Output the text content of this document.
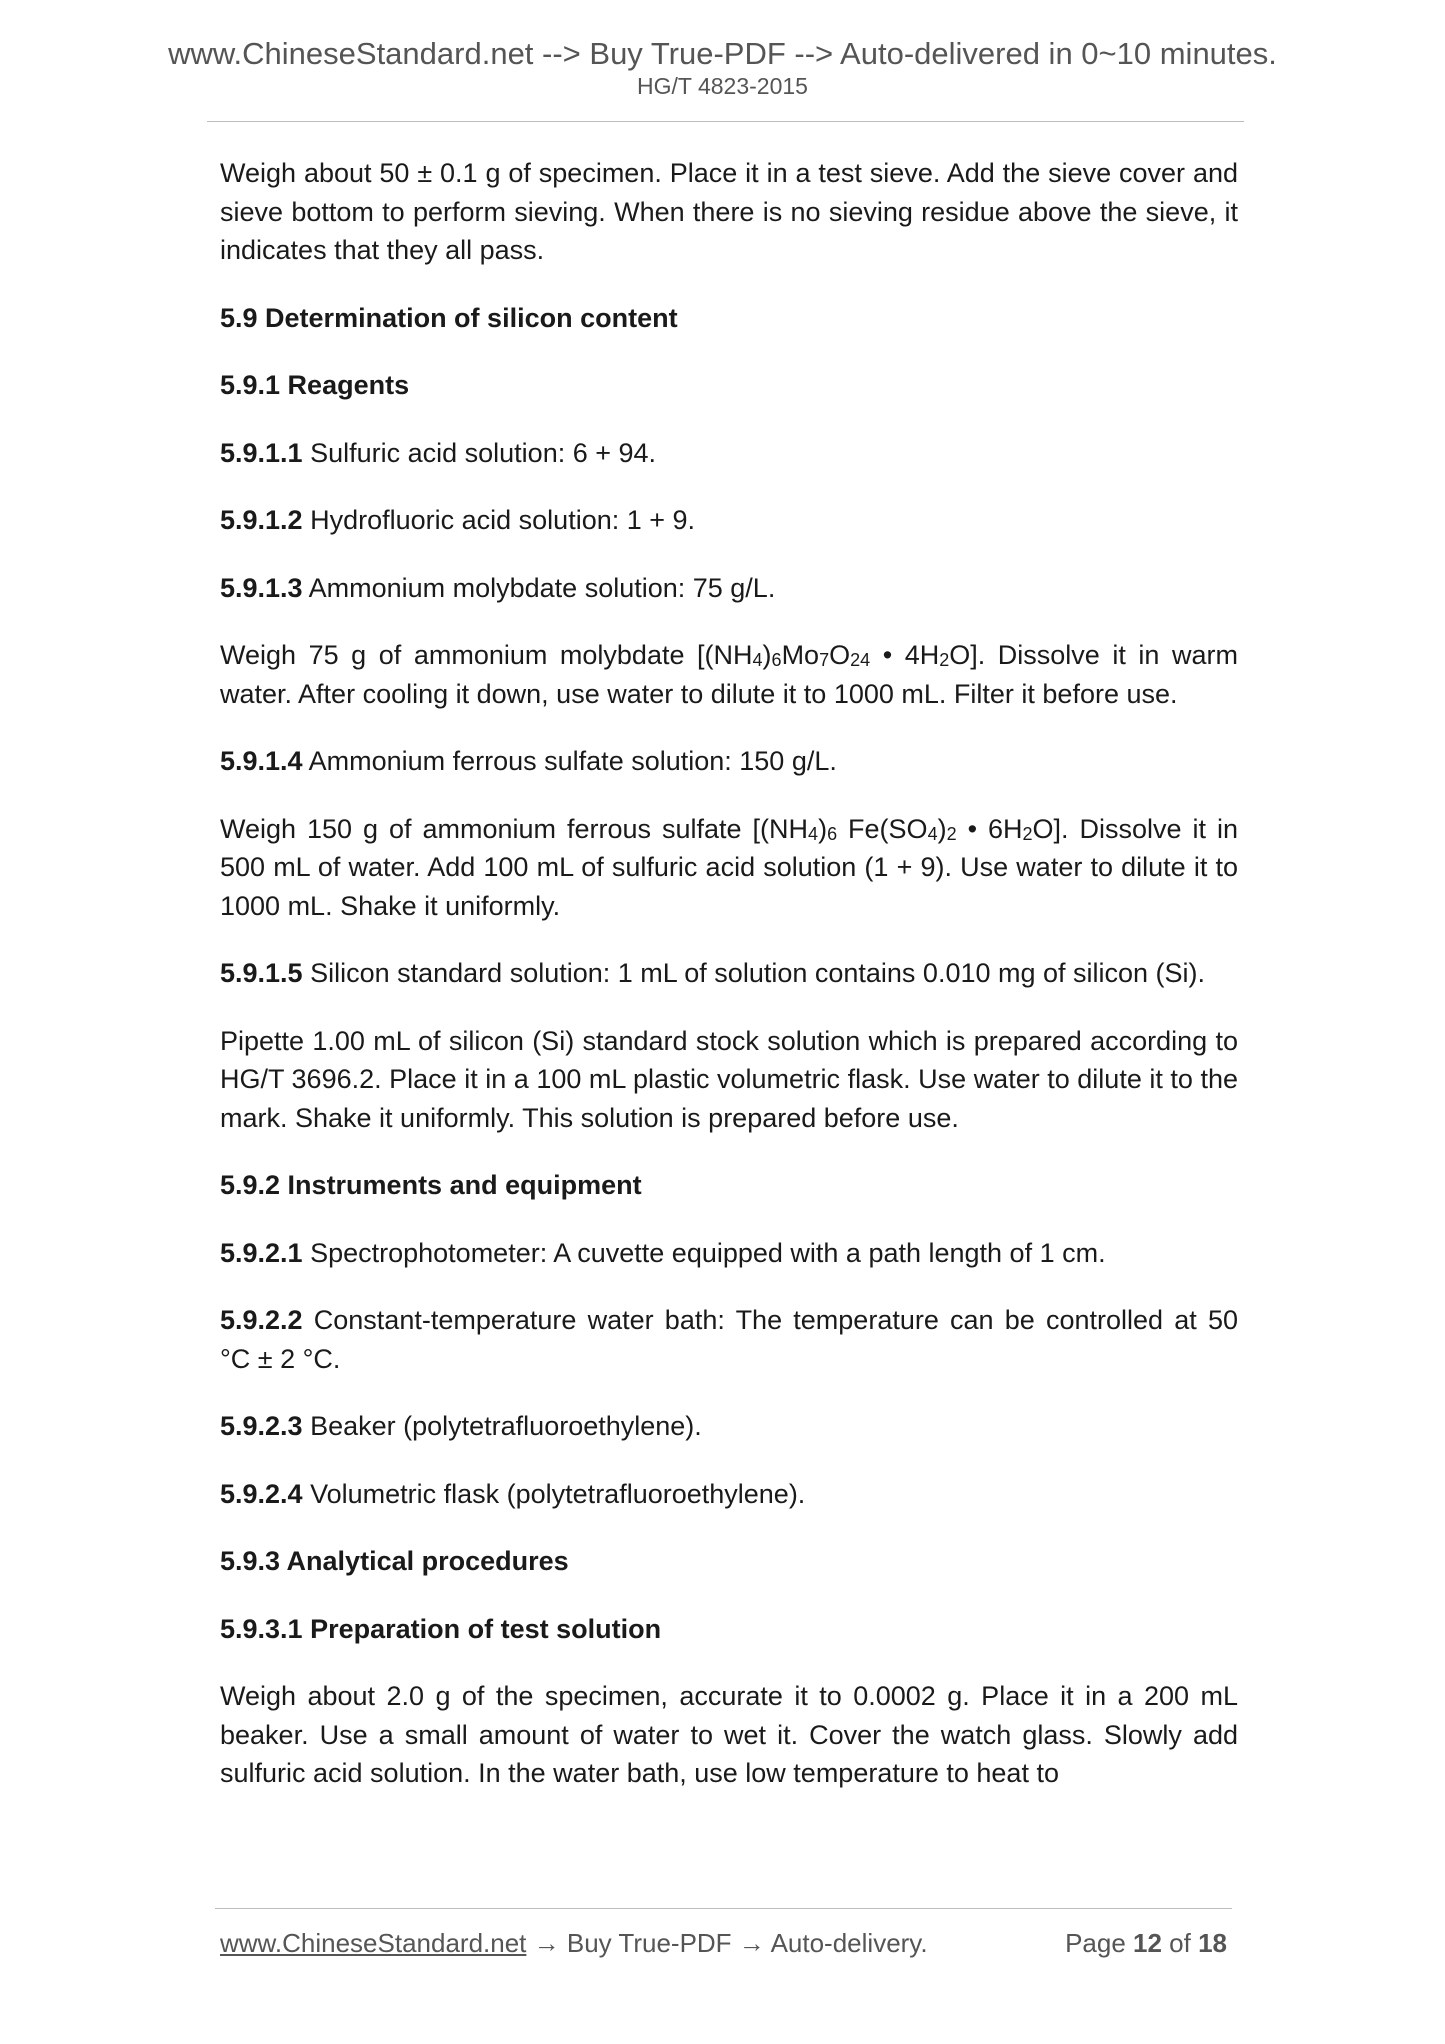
www.ChineseStandard.net --> Buy True-PDF --> Auto-delivered in 0~10 minutes.
HG/T 4823-2015

Weigh about 50 ± 0.1 g of specimen. Place it in a test sieve. Add the sieve cover and sieve bottom to perform sieving. When there is no sieving residue above the sieve, it indicates that they all pass.

5.9 Determination of silicon content

5.9.1 Reagents

5.9.1.1 Sulfuric acid solution: 6 + 94.

5.9.1.2 Hydrofluoric acid solution: 1 + 9.

5.9.1.3 Ammonium molybdate solution: 75 g/L.

Weigh 75 g of ammonium molybdate [$(NH_4)_6Mo_7O_{24}$ • $4H_2O$]. Dissolve it in warm water. After cooling it down, use water to dilute it to 1000 mL. Filter it before use.

5.9.1.4 Ammonium ferrous sulfate solution: 150 g/L.

Weigh 150 g of ammonium ferrous sulfate [$(NH_4)_6$ $Fe(SO_4)_2$ • $6H_2O$]. Dissolve it in 500 mL of water. Add 100 mL of sulfuric acid solution (1 + 9). Use water to dilute it to 1000 mL. Shake it uniformly.

5.9.1.5 Silicon standard solution: 1 mL of solution contains 0.010 mg of silicon (Si).

Pipette 1.00 mL of silicon (Si) standard stock solution which is prepared according to HG/T 3696.2. Place it in a 100 mL plastic volumetric flask. Use water to dilute it to the mark. Shake it uniformly. This solution is prepared before use.

5.9.2 Instruments and equipment

5.9.2.1 Spectrophotometer: A cuvette equipped with a path length of 1 cm.

5.9.2.2 Constant-temperature water bath: The temperature can be controlled at 50 °C ± 2 °C.

5.9.2.3 Beaker (polytetrafluoroethylene).

5.9.2.4 Volumetric flask (polytetrafluoroethylene).

5.9.3 Analytical procedures

5.9.3.1 Preparation of test solution

Weigh about 2.0 g of the specimen, accurate it to 0.0002 g. Place it in a 200 mL beaker. Use a small amount of water to wet it. Cover the watch glass. Slowly add sulfuric acid solution. In the water bath, use low temperature to heat to

www.ChineseStandard.net → Buy True-PDF → Auto-delivery.	Page 12 of 18
